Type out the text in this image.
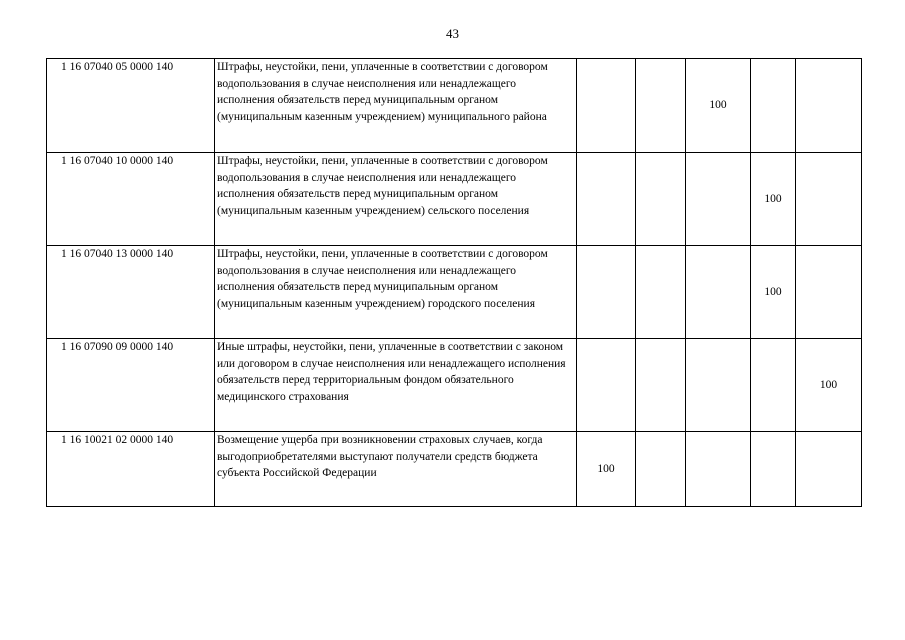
43
1 16 07040 05 0000 140	Штрафы, неустойки, пени, уплаченные в соответствии с договором водопользования в случае неисполнения или ненадлежащего исполнения обязательств перед муниципальным органом (муниципальным казенным учреждением) муниципального района			100		
1 16 07040 10 0000 140	Штрафы, неустойки, пени, уплаченные в соответствии с договором водопользования в случае неисполнения или ненадлежащего исполнения обязательств перед муниципальным органом (муниципальным казенным учреждением) сельского поселения				100	
1 16 07040 13 0000 140	Штрафы, неустойки, пени, уплаченные в соответствии с договором водопользования в случае неисполнения или ненадлежащего исполнения обязательств перед муниципальным органом (муниципальным казенным учреждением) городского поселения				100	
1 16 07090 09 0000 140	Иные штрафы, неустойки, пени, уплаченные в соответствии с законом или договором в случае неисполнения или ненадлежащего исполнения обязательств перед территориальным фондом обязательного медицинского страхования					100
1 16 10021 02 0000 140	Возмещение ущерба при возникновении страховых случаев, когда выгодоприобретателями выступают получатели средств бюджета субъекта Российской Федерации	100				
